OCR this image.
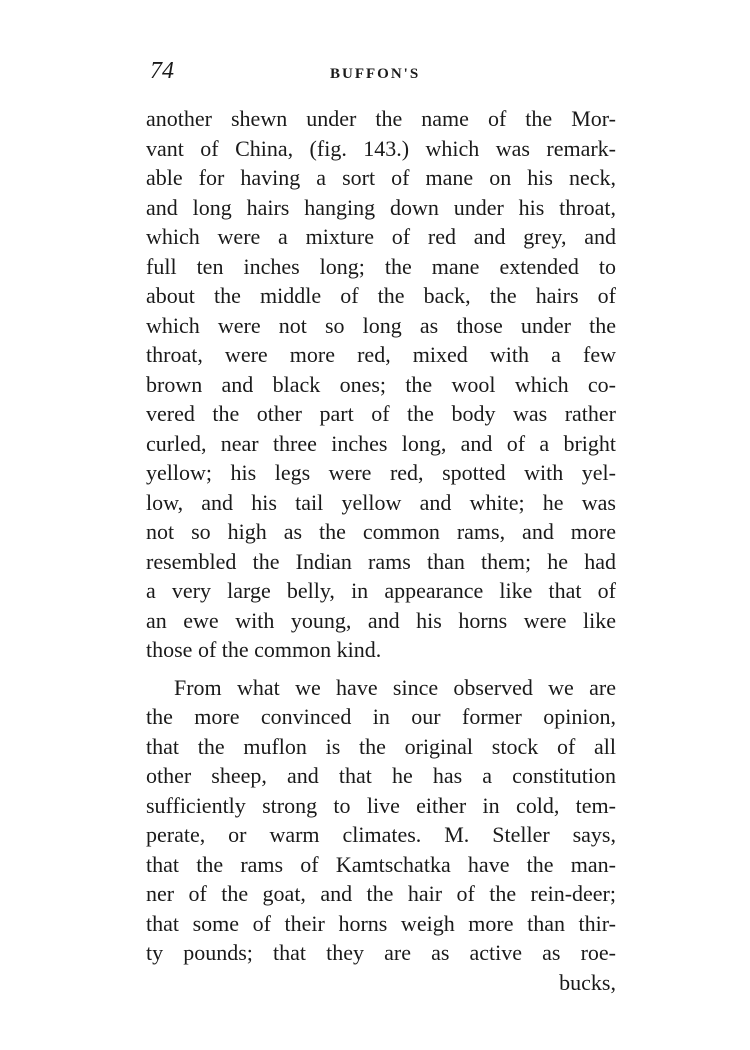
74	BUFFON'S
another shewn under the name of the Mor-
vant of China, (fig. 143.) which was remark-
able for having a sort of mane on his neck,
and long hairs hanging down under his throat,
which were a mixture of red and grey, and
full ten inches long; the mane extended to
about the middle of the back, the hairs of
which were not so long as those under the
throat, were more red, mixed with a few
brown and black ones; the wool which co-
vered the other part of the body was rather
curled, near three inches long, and of a bright
yellow; his legs were red, spotted with yel-
low, and his tail yellow and white; he was
not so high as the common rams, and more
resembled the Indian rams than them; he had
a very large belly, in appearance like that of
an ewe with young, and his horns were like
those of the common kind.
From what we have since observed we are
the more convinced in our former opinion,
that the muflon is the original stock of all
other sheep, and that he has a constitution
sufficiently strong to live either in cold, tem-
perate, or warm climates. M. Steller says,
that the rams of Kamtschatka have the man-
ner of the goat, and the hair of the rein-deer;
that some of their horns weigh more than thir-
ty pounds; that they are as active as roe-
bucks,
